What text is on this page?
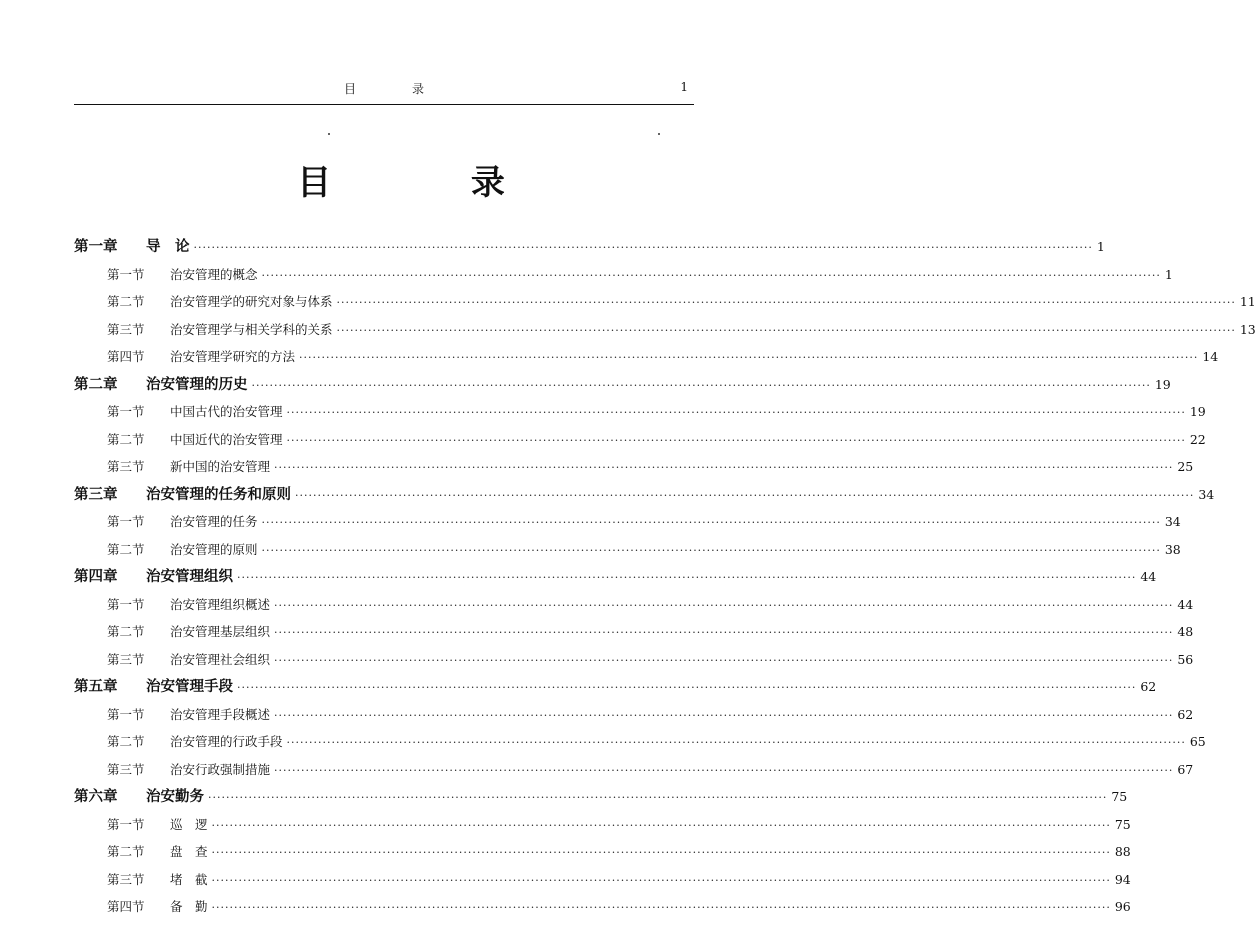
目　录	1
目 录
第一章	导　论 ········································································································································································································ 1
第一节	治安管理的概念 ········································································································································································································ 1
第二节	治安管理学的研究对象与体系 ········································································································································································································ 11
第三节	治安管理学与相关学科的关系 ········································································································································································································ 13
第四节	治安管理学研究的方法 ········································································································································································································ 14
第二章	治安管理的历史 ········································································································································································································ 19
第一节	中国古代的治安管理 ········································································································································································································ 19
第二节	中国近代的治安管理 ········································································································································································································ 22
第三节	新中国的治安管理 ········································································································································································································ 25
第三章	治安管理的任务和原则 ········································································································································································································ 34
第一节	治安管理的任务 ········································································································································································································ 34
第二节	治安管理的原则 ········································································································································································································ 38
第四章	治安管理组织 ········································································································································································································ 44
第一节	治安管理组织概述 ········································································································································································································ 44
第二节	治安管理基层组织 ········································································································································································································ 48
第三节	治安管理社会组织 ········································································································································································································ 56
第五章	治安管理手段 ········································································································································································································ 62
第一节	治安管理手段概述 ········································································································································································································ 62
第二节	治安管理的行政手段 ········································································································································································································ 65
第三节	治安行政强制措施 ········································································································································································································ 67
第六章	治安勤务 ········································································································································································································ 75
第一节	巡　逻 ········································································································································································································ 75
第二节	盘　查 ········································································································································································································ 88
第三节	堵　截 ········································································································································································································ 94
第四节	备　勤 ········································································································································································································ 96
